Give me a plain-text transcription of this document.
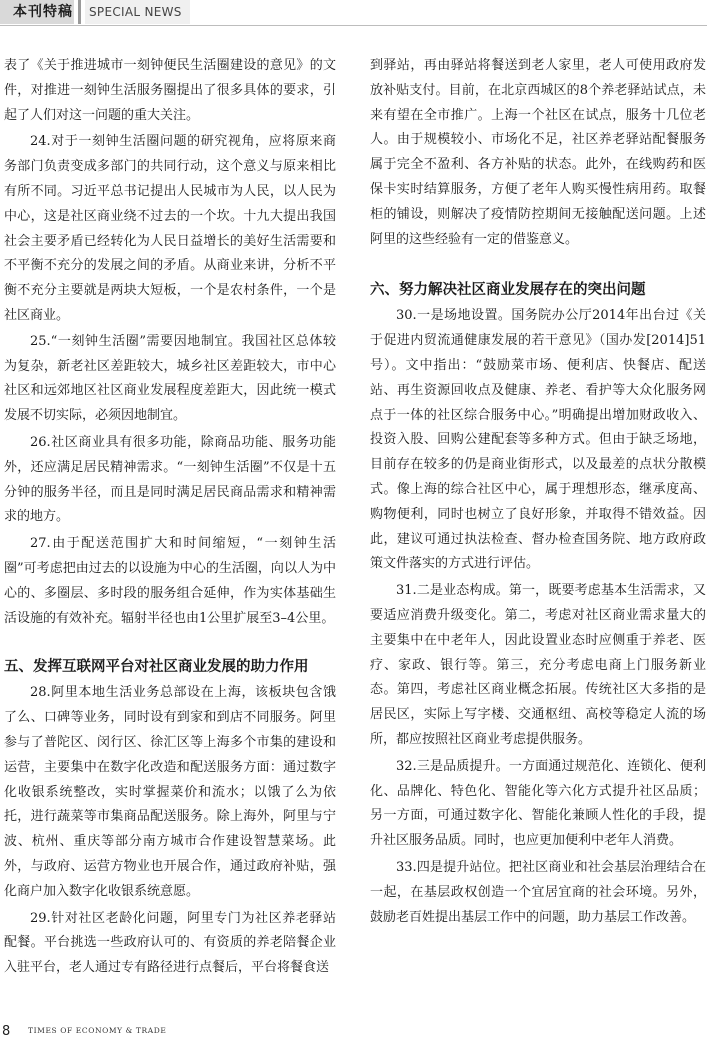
本刊特稿	SPECIAL NEWS

表了《关于推进城市一刻钟便民生活圈建设的意见》的文件，对推进一刻钟生活服务圈提出了很多具体的要求，引起了人们对这一问题的重大关注。

24.对于一刻钟生活圈问题的研究视角，应将原来商务部门负责变成多部门的共同行动，这个意义与原来相比有所不同。习近平总书记提出人民城市为人民，以人民为中心，这是社区商业绕不过去的一个坎。十九大提出我国社会主要矛盾已经转化为人民日益增长的美好生活需要和不平衡不充分的发展之间的矛盾。从商业来讲，分析不平衡不充分主要就是两块大短板，一个是农村条件，一个是社区商业。

25.“一刻钟生活圈”需要因地制宜。我国社区总体较为复杂，新老社区差距较大，城乡社区差距较大，市中心社区和远郊地区社区商业发展程度差距大，因此统一模式发展不切实际，必须因地制宜。

26.社区商业具有很多功能，除商品功能、服务功能外，还应满足居民精神需求。“一刻钟生活圈”不仅是十五分钟的服务半径，而且是同时满足居民商品需求和精神需求的地方。

27.由于配送范围扩大和时间缩短，“一刻钟生活圈”可考虑把由过去的以设施为中心的生活圈，向以人为中心的、多圈层、多时段的服务组合延伸，作为实体基础生活设施的有效补充。辐射半径也由1公里扩展至3–4公里。

五、发挥互联网平台对社区商业发展的助力作用

28.阿里本地生活业务总部设在上海，该板块包含饿了么、口碑等业务，同时设有到家和到店不同服务。阿里参与了普陀区、闵行区、徐汇区等上海多个市集的建设和运营，主要集中在数字化改造和配送服务方面：通过数字化收银系统整改，实时掌握菜价和流水；以饿了么为依托，进行蔬菜等市集商品配送服务。除上海外，阿里与宁波、杭州、重庆等部分南方城市合作建设智慧菜场。此外，与政府、运营方物业也开展合作，通过政府补贴，强化商户加入数字化收银系统意愿。

29.针对社区老龄化问题，阿里专门为社区养老驿站配餐。平台挑选一些政府认可的、有资质的养老陪餐企业入驻平台，老人通过专有路径进行点餐后，平台将餐食送

到驿站，再由驿站将餐送到老人家里，老人可使用政府发放补贴支付。目前，在北京西城区的8个养老驿站试点，未来有望在全市推广。上海一个社区在试点，服务十几位老人。由于规模较小、市场化不足，社区养老驿站配餐服务属于完全不盈利、各方补贴的状态。此外，在线购药和医保卡实时结算服务，方便了老年人购买慢性病用药。取餐柜的铺设，则解决了疫情防控期间无接触配送问题。上述阿里的这些经验有一定的借鉴意义。

六、努力解决社区商业发展存在的突出问题

30.一是场地设置。国务院办公厅2014年出台过《关于促进内贸流通健康发展的若干意见》（国办发[2014]51号）。文中指出：“鼓励菜市场、便利店、快餐店、配送站、再生资源回收点及健康、养老、看护等大众化服务网点于一体的社区综合服务中心。”明确提出增加财政收入、投资入股、回购公建配套等多种方式。但由于缺乏场地，目前存在较多的仍是商业街形式，以及最差的点状分散模式。像上海的综合社区中心，属于理想形态，继承度高、购物便利，同时也树立了良好形象，并取得不错效益。因此，建议可通过执法检查、督办检查国务院、地方政府政策文件落实的方式进行评估。

31.二是业态构成。第一，既要考虑基本生活需求，又要适应消费升级变化。第二，考虑对社区商业需求量大的主要集中在中老年人，因此设置业态时应侧重于养老、医疗、家政、银行等。第三，充分考虑电商上门服务新业态。第四，考虑社区商业概念拓展。传统社区大多指的是居民区，实际上写字楼、交通枢纽、高校等稳定人流的场所，都应按照社区商业考虑提供服务。

32.三是品质提升。一方面通过规范化、连锁化、便利化、品牌化、特色化、智能化等六化方式提升社区品质；另一方面，可通过数字化、智能化兼顾人性化的手段，提升社区服务品质。同时，也应更加便利中老年人消费。

33.四是提升站位。把社区商业和社会基层治理结合在一起，在基层政权创造一个宜居宜商的社会环境。另外，鼓励老百姓提出基层工作中的问题，助力基层工作改善。

8 TIMES OF ECONOMY & TRADE
